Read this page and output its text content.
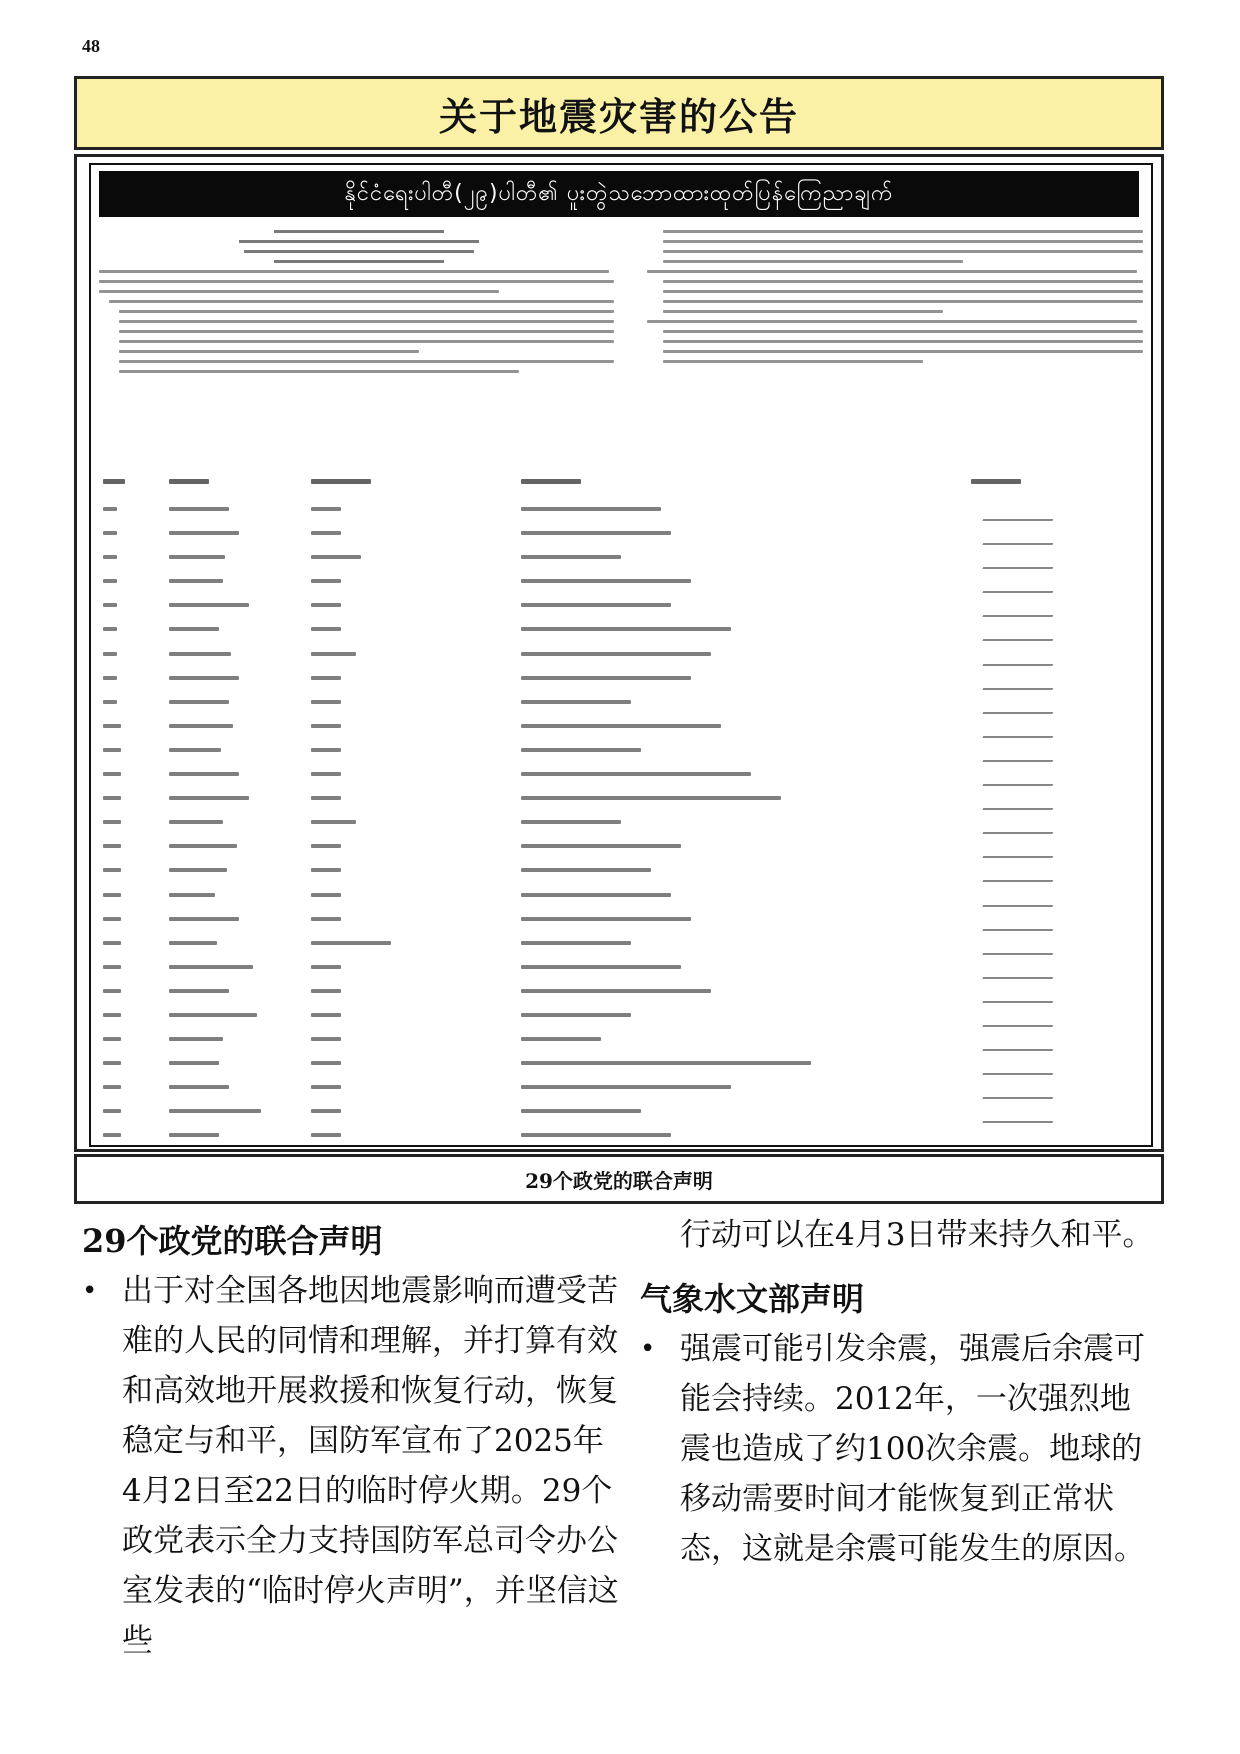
48
关于地震灾害的公告
နိုင်ငံရေးပါတီ(၂၉)ပါတီ၏ ပူးတွဲသဘောထားထုတ်ပြန်ကြေညာချက်
29个政党的联合声明
29个政党的联合声明
• 出于对全国各地因地震影响而遭受苦难的人民的同情和理解，并打算有效和高效地开展救援和恢复行动，恢复稳定与和平，国防军宣布了2025年4月2日至22日的临时停火期。29个政党表示全力支持国防军总司令办公室发表的“临时停火声明”，并坚信这些
行动可以在4月3日带来持久和平。
气象水文部声明
• 强震可能引发余震，强震后余震可能会持续。2012年，一次强烈地震也造成了约100次余震。地球的移动需要时间才能恢复到正常状态，这就是余震可能发生的原因。
